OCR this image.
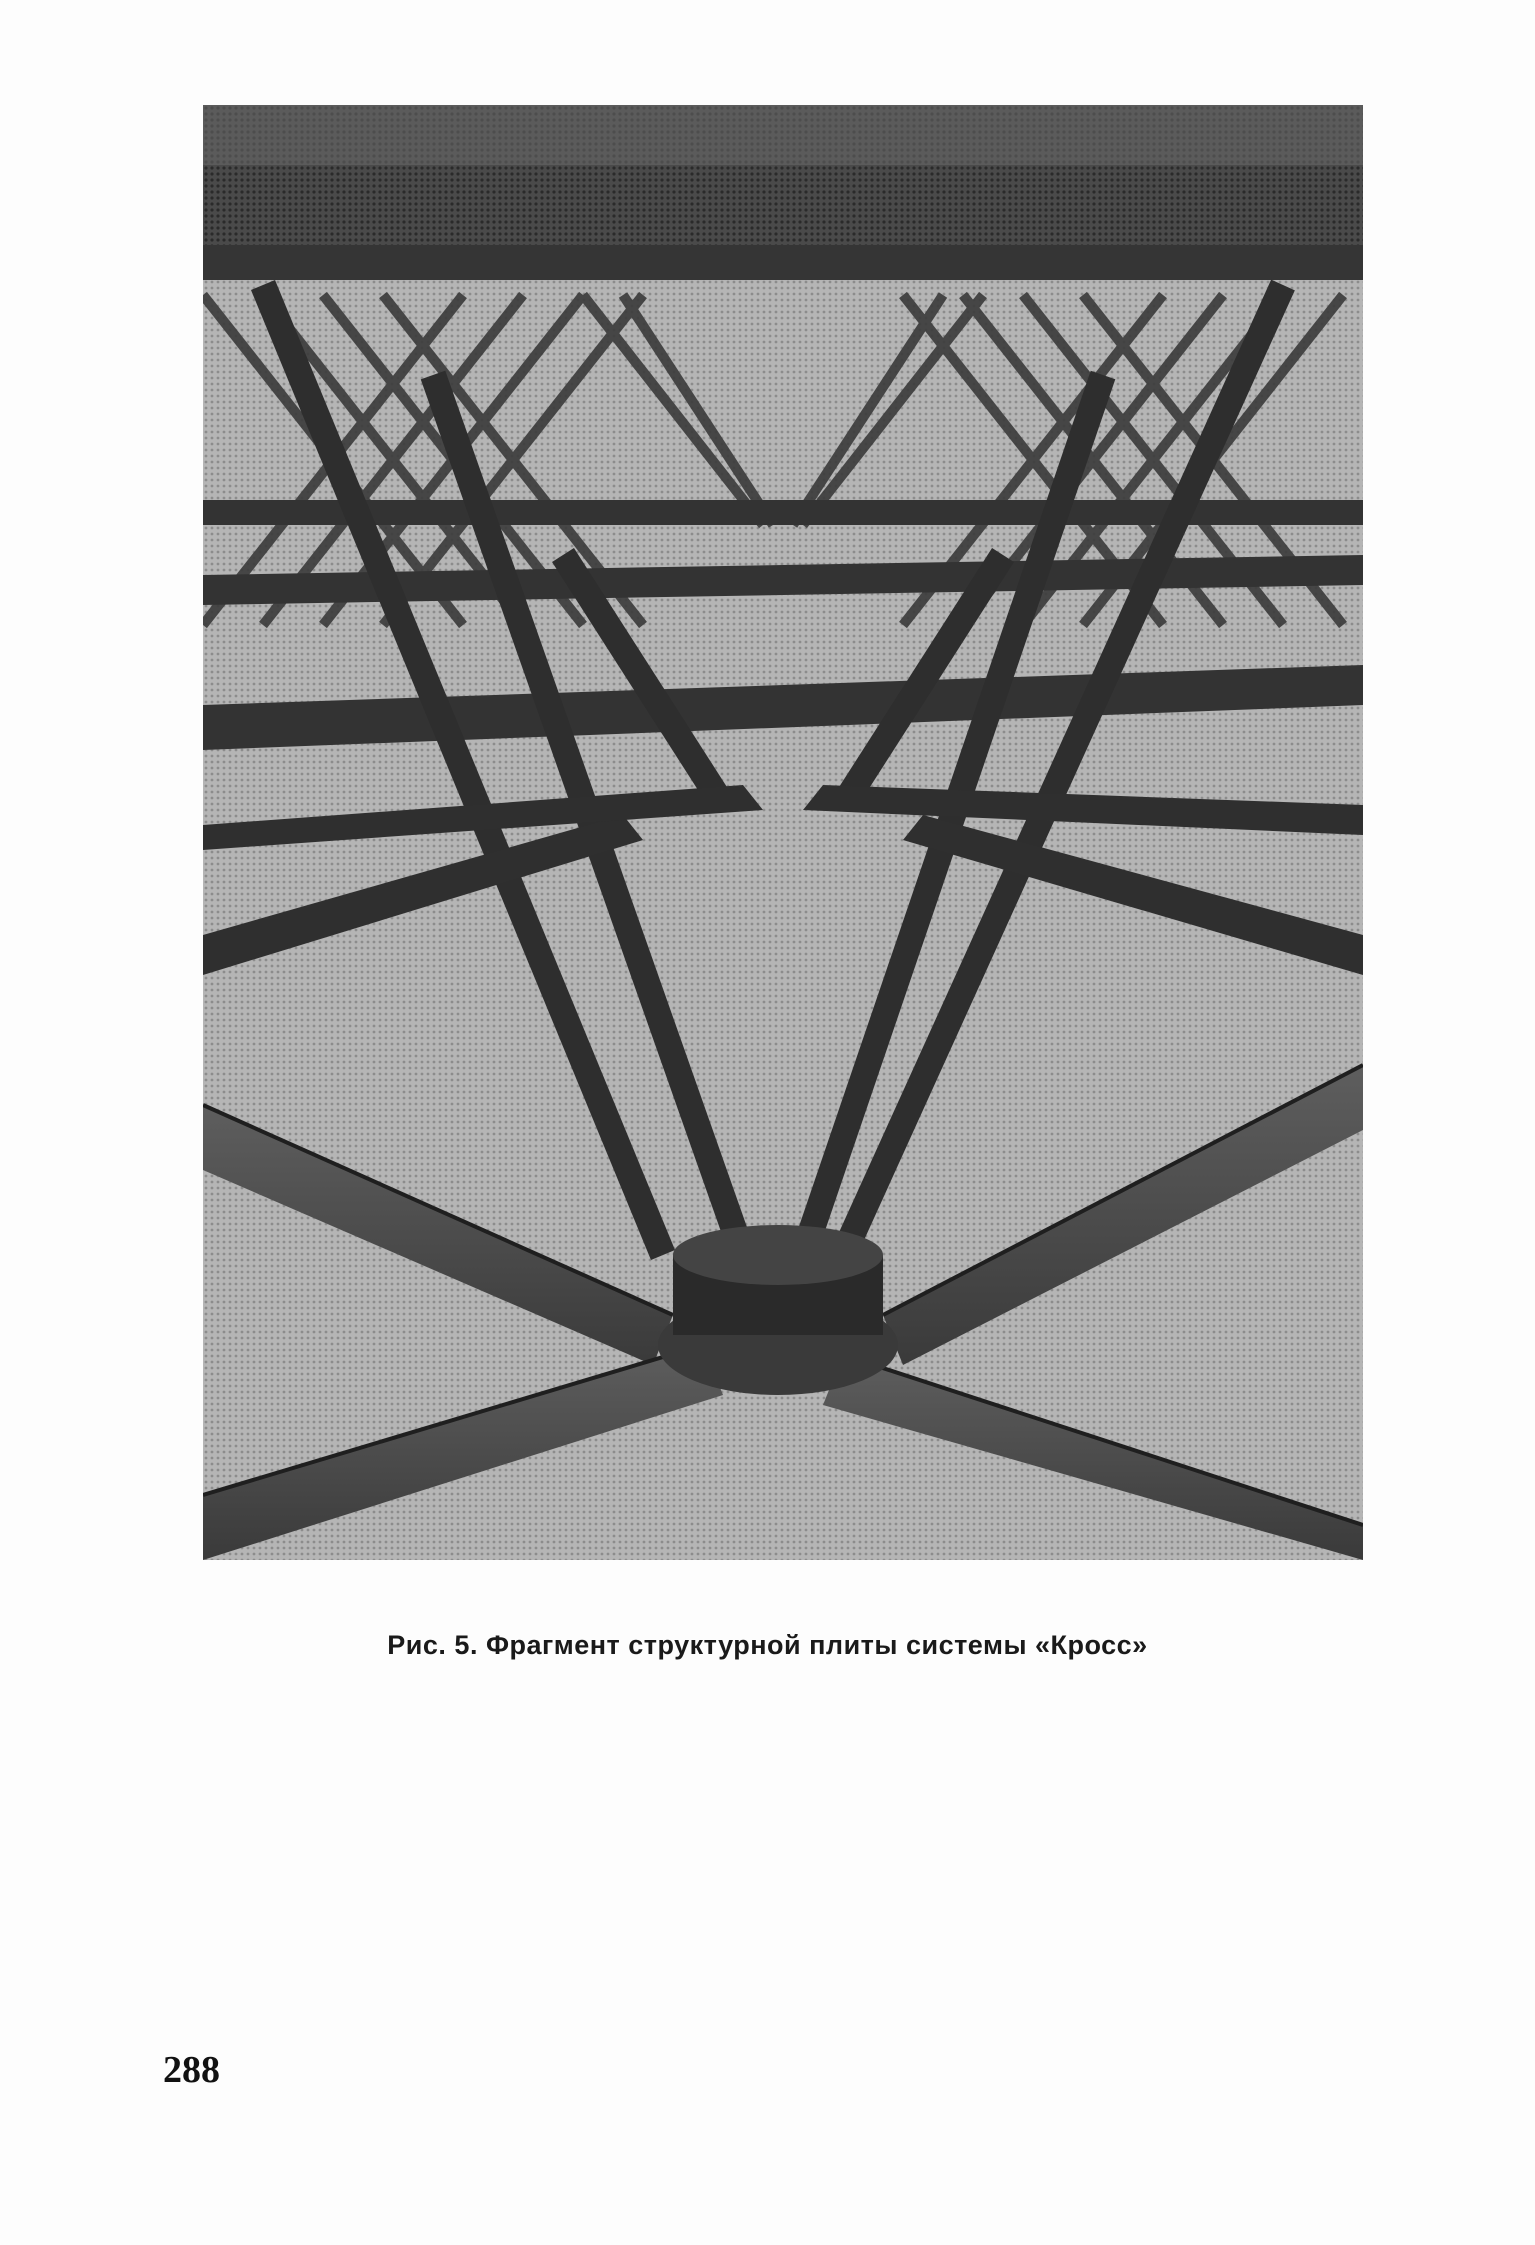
Рис. 5. Фрагмент структурной плиты системы «Кросс»
288
